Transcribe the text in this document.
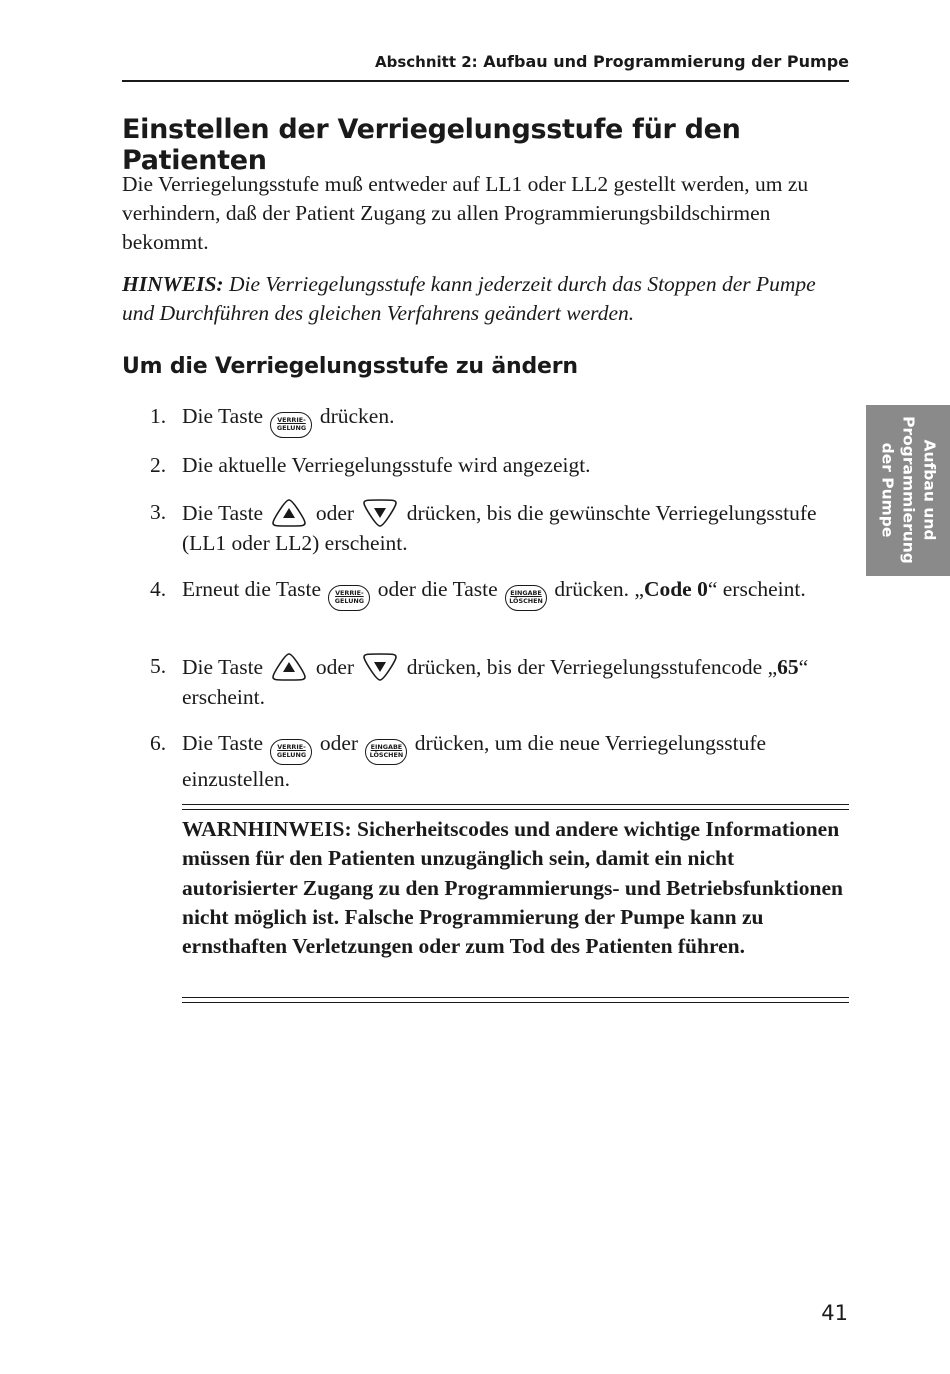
Abschnitt 2: Aufbau und Programmierung der Pumpe
Einstellen der Verriegelungsstufe für den Patienten

Die Verriegelungsstufe muß entweder auf LL1 oder LL2 gestellt werden, um zu verhindern, daß der Patient Zugang zu allen Programmierungsbildschirmen bekommt.

HINWEIS: Die Verriegelungsstufe kann jederzeit durch das Stoppen der Pumpe und Durchführen des gleichen Verfahrens geändert werden.

Um die Verriegelungsstufe zu ändern
1. Die Taste	VERRIE-
GELUNG drücken.
2. Die aktuelle Verriegelungsstufe wird angezeigt.
3. Die Taste oder drücken, bis die gewünschte Verriegelungsstufe (LL1 oder LL2) erscheint.
4. Erneut die Taste	VERRIE-
GELUNG oder die Taste	EINGABE
LÖSCHEN drücken. „Code 0“ erscheint.
5. Die Taste oder drücken, bis der Verriegelungsstufencode „65“ erscheint.
6. Die Taste	VERRIE-
GELUNG oder	EINGABE
LÖSCHEN drücken, um die neue Verriegelungsstufe einzustellen.

WARNHINWEIS: Sicherheitscodes und andere wichtige Informationen müssen für den Patienten unzugänglich sein, damit ein nicht autorisierter Zugang zu den Programmierungs- und Betriebsfunktionen nicht möglich ist. Falsche Programmierung der Pumpe kann zu ernsthaften Verletzungen oder zum Tod des Patienten führen.

Aufbau und
Programmierung
der Pumpe
41
